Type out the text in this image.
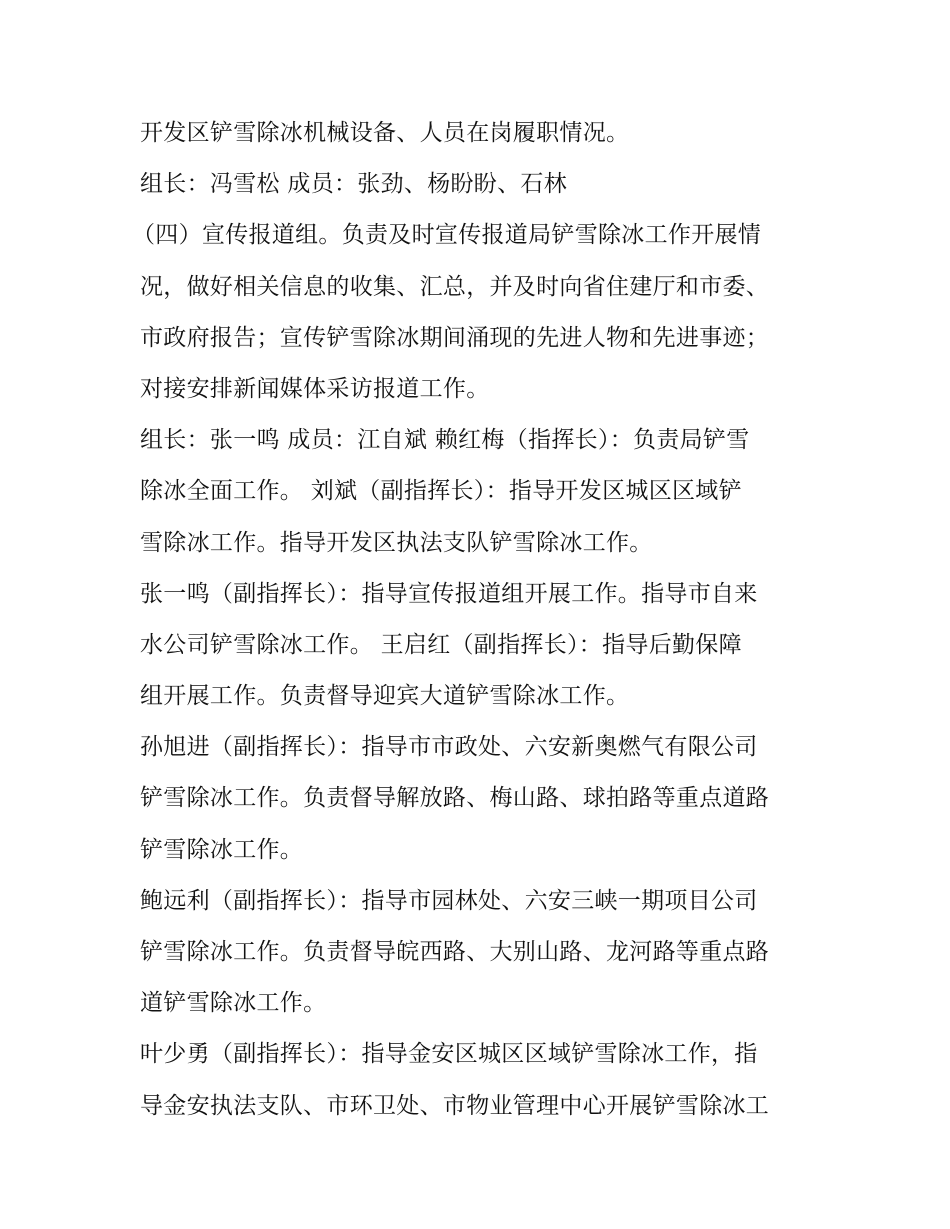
开发区铲雪除冰机械设备、人员在岗履职情况。
组长：冯雪松 成员：张劲、杨盼盼、石林
（四）宣传报道组。负责及时宣传报道局铲雪除冰工作开展情
况，做好相关信息的收集、汇总，并及时向省住建厅和市委、
市政府报告；宣传铲雪除冰期间涌现的先进人物和先进事迹；
对接安排新闻媒体采访报道工作。
组长：张一鸣 成员：江自斌 赖红梅（指挥长）：负责局铲雪
除冰全面工作。 刘斌（副指挥长）：指导开发区城区区域铲
雪除冰工作。指导开发区执法支队铲雪除冰工作。
张一鸣（副指挥长）：指导宣传报道组开展工作。指导市自来
水公司铲雪除冰工作。 王启红（副指挥长）：指导后勤保障
组开展工作。负责督导迎宾大道铲雪除冰工作。
孙旭进（副指挥长）：指导市市政处、六安新奥燃气有限公司
铲雪除冰工作。负责督导解放路、梅山路、球拍路等重点道路
铲雪除冰工作。
鲍远利（副指挥长）：指导市园林处、六安三峡一期项目公司
铲雪除冰工作。负责督导皖西路、大别山路、龙河路等重点路
道铲雪除冰工作。
叶少勇（副指挥长）：指导金安区城区区域铲雪除冰工作，指
导金安执法支队、市环卫处、市物业管理中心开展铲雪除冰工
